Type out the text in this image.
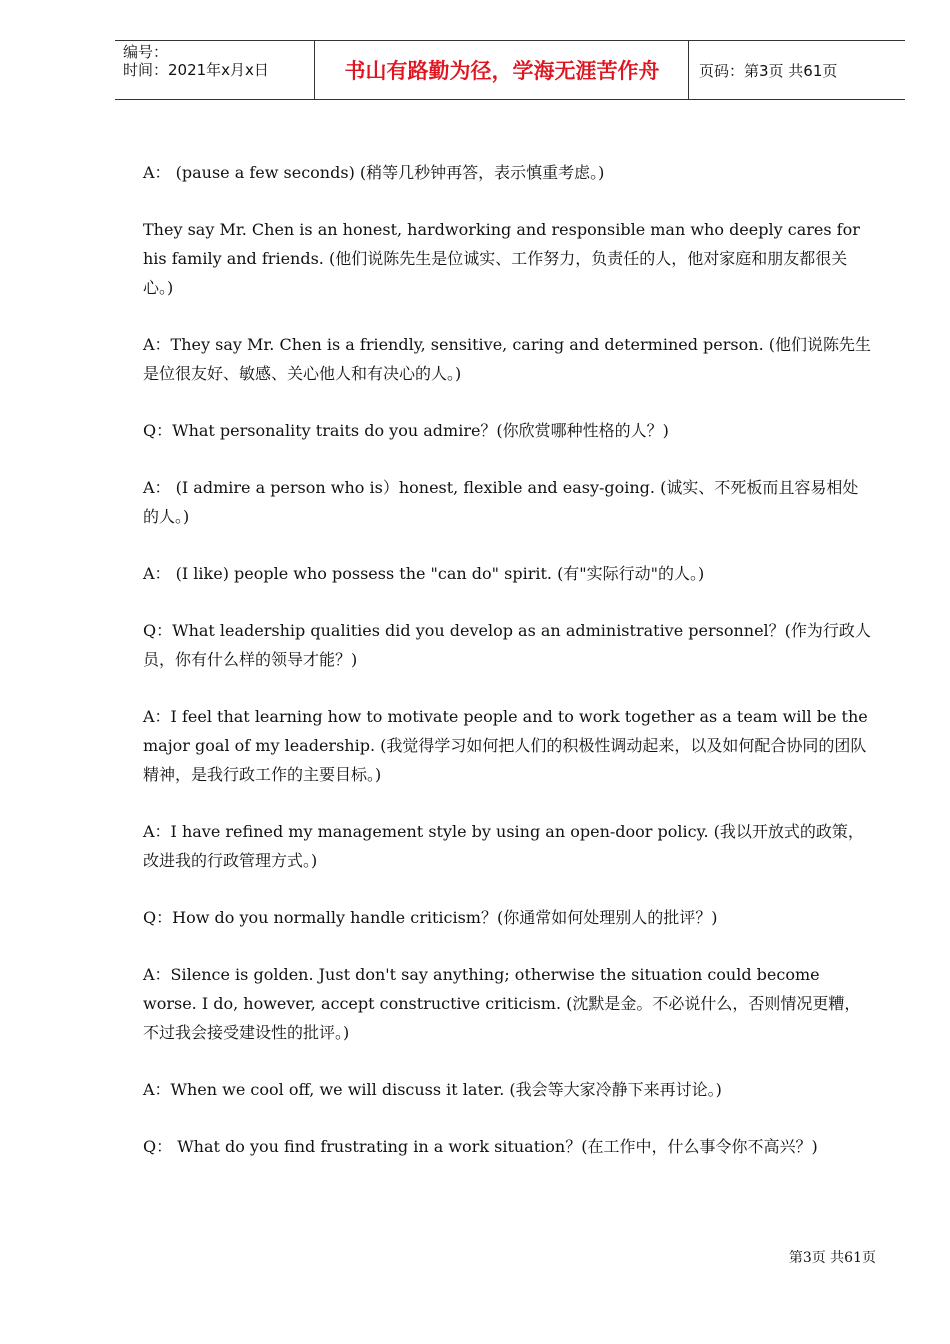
编号：
时间：2021年x月x日	书山有路勤为径，学海无涯苦作舟	页码：第3页 共61页

A： (pause a few seconds) (稍等几秒钟再答，表示慎重考虑。)

They say Mr. Chen is an honest, hardworking and responsible man who deeply cares for his family and friends. (他们说陈先生是位诚实、工作努力，负责任的人，他对家庭和朋友都很关心。)

A：They say Mr. Chen is a friendly, sensitive, caring and determined person. (他们说陈先生是位很友好、敏感、关心他人和有决心的人。)

Q：What personality traits do you admire？(你欣赏哪种性格的人？)

A： (I admire a person who is）honest, flexible and easy-going. (诚实、不死板而且容易相处的人。)

A： (I like) people who possess the "can do" spirit. (有"实际行动"的人。)

Q：What leadership qualities did you develop as an administrative personnel？(作为行政人员，你有什么样的领导才能？)

A：I feel that learning how to motivate people and to work together as a team will be the major goal of my leadership. (我觉得学习如何把人们的积极性调动起来，以及如何配合协同的团队精神，是我行政工作的主要目标。)

A：I have refined my management style by using an open-door policy. (我以开放式的政策，改进我的行政管理方式。)

Q：How do you normally handle criticism？(你通常如何处理别人的批评？)

A：Silence is golden. Just don't say anything; otherwise the situation could become worse. I do, however, accept constructive criticism. (沈默是金。不必说什么，否则情况更糟，不过我会接受建设性的批评。)

A：When we cool off, we will discuss it later. (我会等大家冷静下来再讨论。)

Q： What do you find frustrating in a work situation？(在工作中，什么事令你不高兴？)

第3页 共61页
